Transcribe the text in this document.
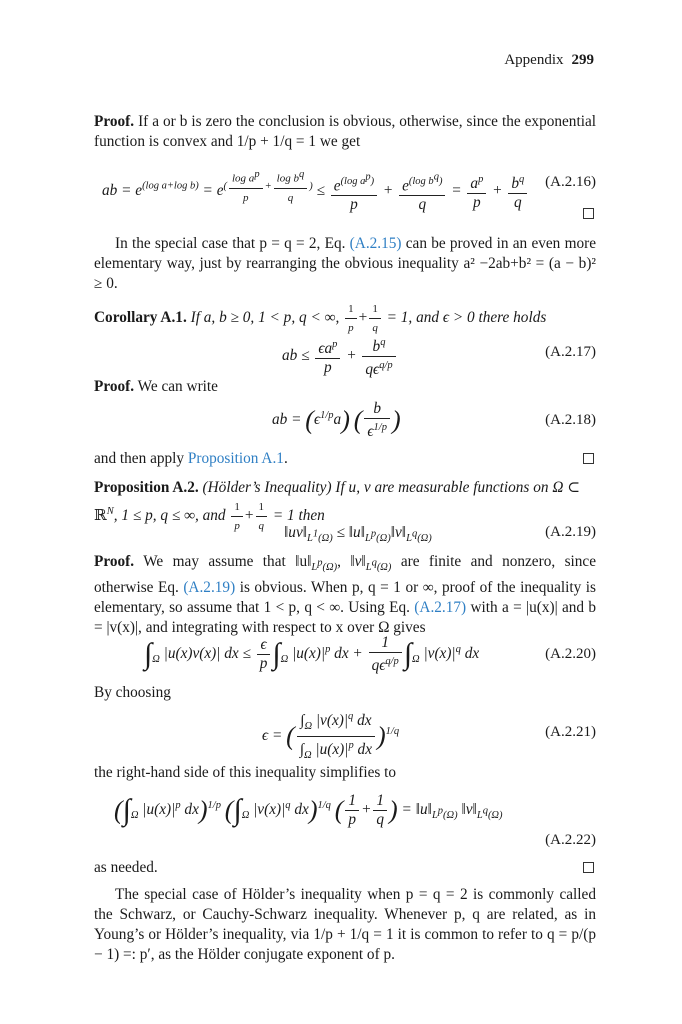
Appendix 299
Proof. If a or b is zero the conclusion is obvious, otherwise, since the exponential function is convex and 1/p + 1/q = 1 we get
ab = $e^{(log a+log b)} = e^{( \frac{\log a^p}{p} + \frac{\log b^q}{q} )} \le \frac{e^{(log a^p)}}{p} + \frac{e^{(log b^q)}}{q} = \frac{a^p}{p} + \frac{b^q}{q} (A.2.16)$
In the special case that p = q = 2, Eq. (A.2.15) can be proved in an even more elementary way, just by rearranging the obvious inequality a² −2ab+b² = (a − b)² ≥ 0.
Corollary A.1. If a, b ≥ 0, 1 < p, q < ∞, $\frac{1}{p} + \frac{1}{q} = 1$, and ϵ > 0 there holds
ab ≤ $\frac{\epsilon a^p}{p} + \frac{b^q}{q\epsilon^{q/p}}$	(A.2.17)
Proof. We can write
ab = $(\epsilon^{1/p}a)$ ( $\frac{b}{\epsilon^{1/p}}$ )	(A.2.18)
and then apply Proposition A.1.
Proposition A.2. (Hölder’s Inequality) If u, v are measurable functions on Ω ⊂
ℝ$^N$, 1 ≤ p, q ≤ ∞, and $\frac{1}{p} + \frac{1}{q} = 1$ then
$‖uv‖_{L^1(\Omega)}$ ≤ $‖u‖_{L^p(\Omega)}‖v‖_{L^q(\Omega)}$	(A.2.19)
Proof. We may assume that $‖u‖_{L^p(\Omega)}$, $‖v‖_{L^q(\Omega)}$ are finite and nonzero, since otherwise Eq. (A.2.19) is obvious. When p, q = 1 or ∞, proof of the inequality is elementary, so assume that 1 < p, q < ∞. Using Eq. (A.2.17) with a = |u(x)| and b = |v(x)|, and integrating with respect to x over Ω gives
$\int_\Omega$ |u(x)v(x)| dx ≤ $\frac{\epsilon}{p} \int_\Omega$ $|u(x)|^p$ dx + $\frac{1}{q\epsilon^{q/p}} \int_\Omega$ $|v(x)|^q$ dx	(A.2.20)
By choosing
ϵ = ( $\frac{\int_\Omega |v(x)|^q dx}{\int_\Omega |u(x)|^p dx} )^{1/q}$	(A.2.21)
the right-hand side of this inequality simplifies to
($\int_\Omega$ $|u(x)|^p$ dx)$^{1/p}$ ($\int_\Omega$ $|v(x)|^q$ dx)$^{1/q}$ ( $\frac{1}{p} + \frac{1}{q}$ ) = $‖u‖_{L^p(\Omega)}$ $‖v‖_{L^q(\Omega)}$
(A.2.22)
as needed.
The special case of Hölder’s inequality when p = q = 2 is commonly called the Schwarz, or Cauchy-Schwarz inequality. Whenever p, q are related, as in Young’s or Hölder’s inequality, via 1/p + 1/q = 1 it is common to refer to q = p/(p − 1) =: p′, as the Hölder conjugate exponent of p.
